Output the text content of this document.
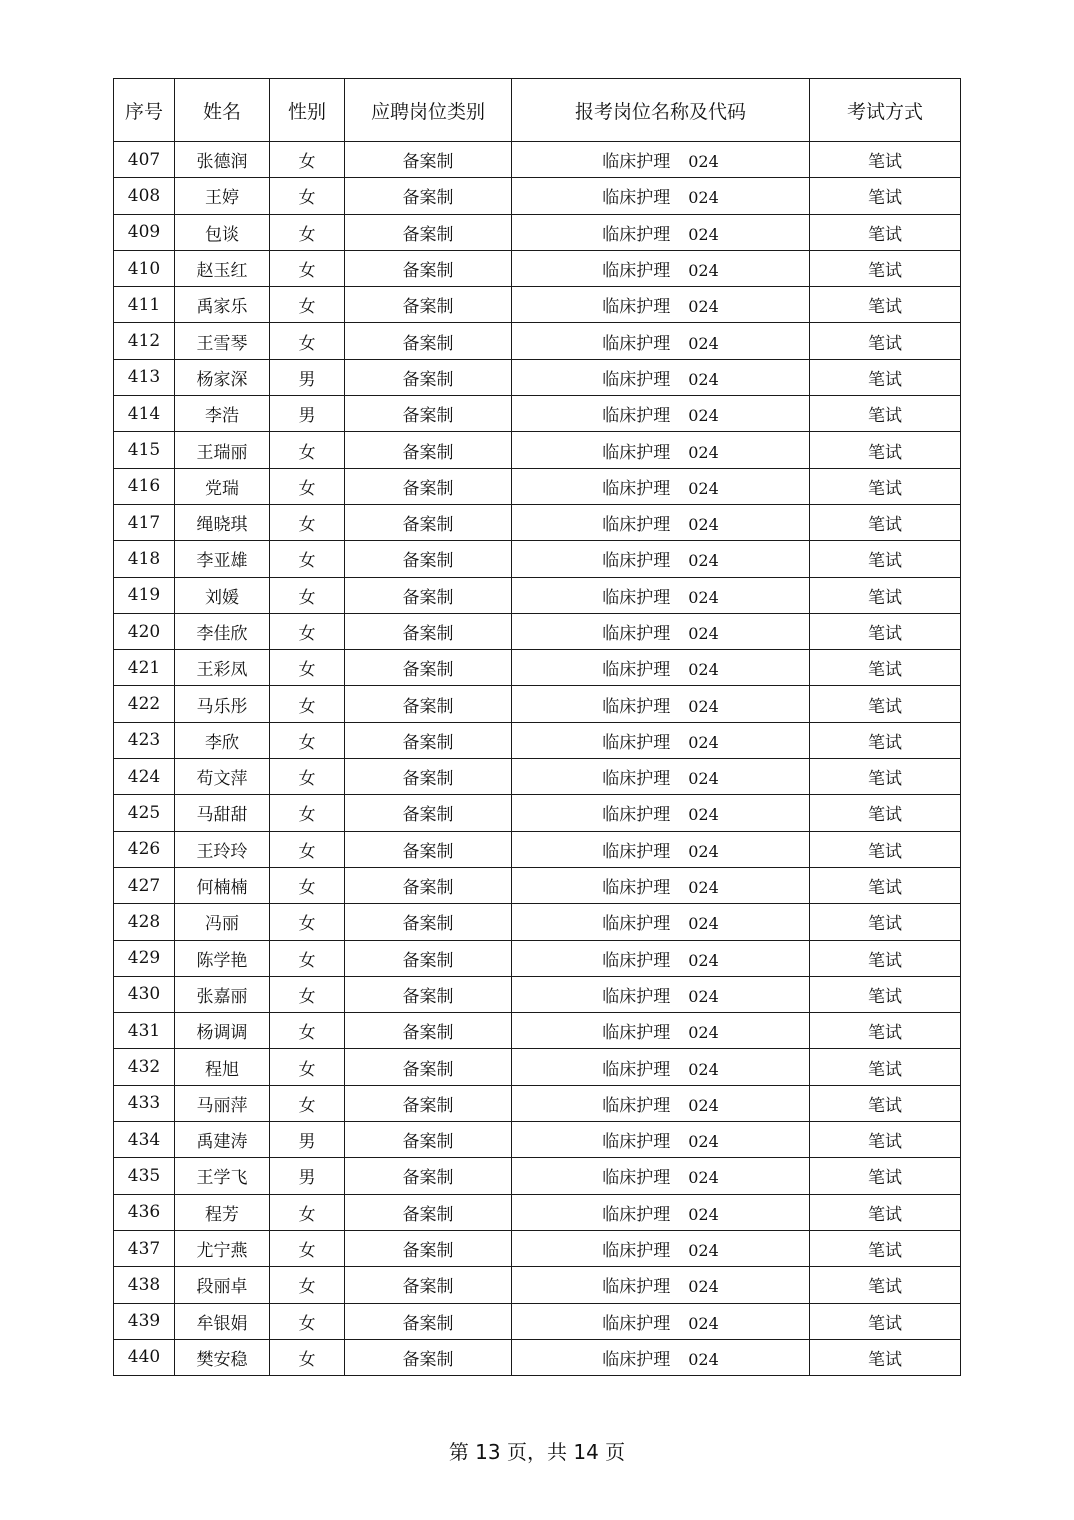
序号	姓名	性别	应聘岗位类别	报考岗位名称及代码	考试方式
407	张德润	女	备案制	临床护理 024	笔试
408	王婷	女	备案制	临床护理 024	笔试
409	包谈	女	备案制	临床护理 024	笔试
410	赵玉红	女	备案制	临床护理 024	笔试
411	禹家乐	女	备案制	临床护理 024	笔试
412	王雪琴	女	备案制	临床护理 024	笔试
413	杨家深	男	备案制	临床护理 024	笔试
414	李浩	男	备案制	临床护理 024	笔试
415	王瑞丽	女	备案制	临床护理 024	笔试
416	党瑞	女	备案制	临床护理 024	笔试
417	绳晓琪	女	备案制	临床护理 024	笔试
418	李亚雄	女	备案制	临床护理 024	笔试
419	刘媛	女	备案制	临床护理 024	笔试
420	李佳欣	女	备案制	临床护理 024	笔试
421	王彩凤	女	备案制	临床护理 024	笔试
422	马乐彤	女	备案制	临床护理 024	笔试
423	李欣	女	备案制	临床护理 024	笔试
424	苟文萍	女	备案制	临床护理 024	笔试
425	马甜甜	女	备案制	临床护理 024	笔试
426	王玲玲	女	备案制	临床护理 024	笔试
427	何楠楠	女	备案制	临床护理 024	笔试
428	冯丽	女	备案制	临床护理 024	笔试
429	陈学艳	女	备案制	临床护理 024	笔试
430	张嘉丽	女	备案制	临床护理 024	笔试
431	杨调调	女	备案制	临床护理 024	笔试
432	程旭	女	备案制	临床护理 024	笔试
433	马丽萍	女	备案制	临床护理 024	笔试
434	禹建涛	男	备案制	临床护理 024	笔试
435	王学飞	男	备案制	临床护理 024	笔试
436	程芳	女	备案制	临床护理 024	笔试
437	尤宁燕	女	备案制	临床护理 024	笔试
438	段丽卓	女	备案制	临床护理 024	笔试
439	牟银娟	女	备案制	临床护理 024	笔试
440	樊安稳	女	备案制	临床护理 024	笔试
第 13 页，共 14 页
